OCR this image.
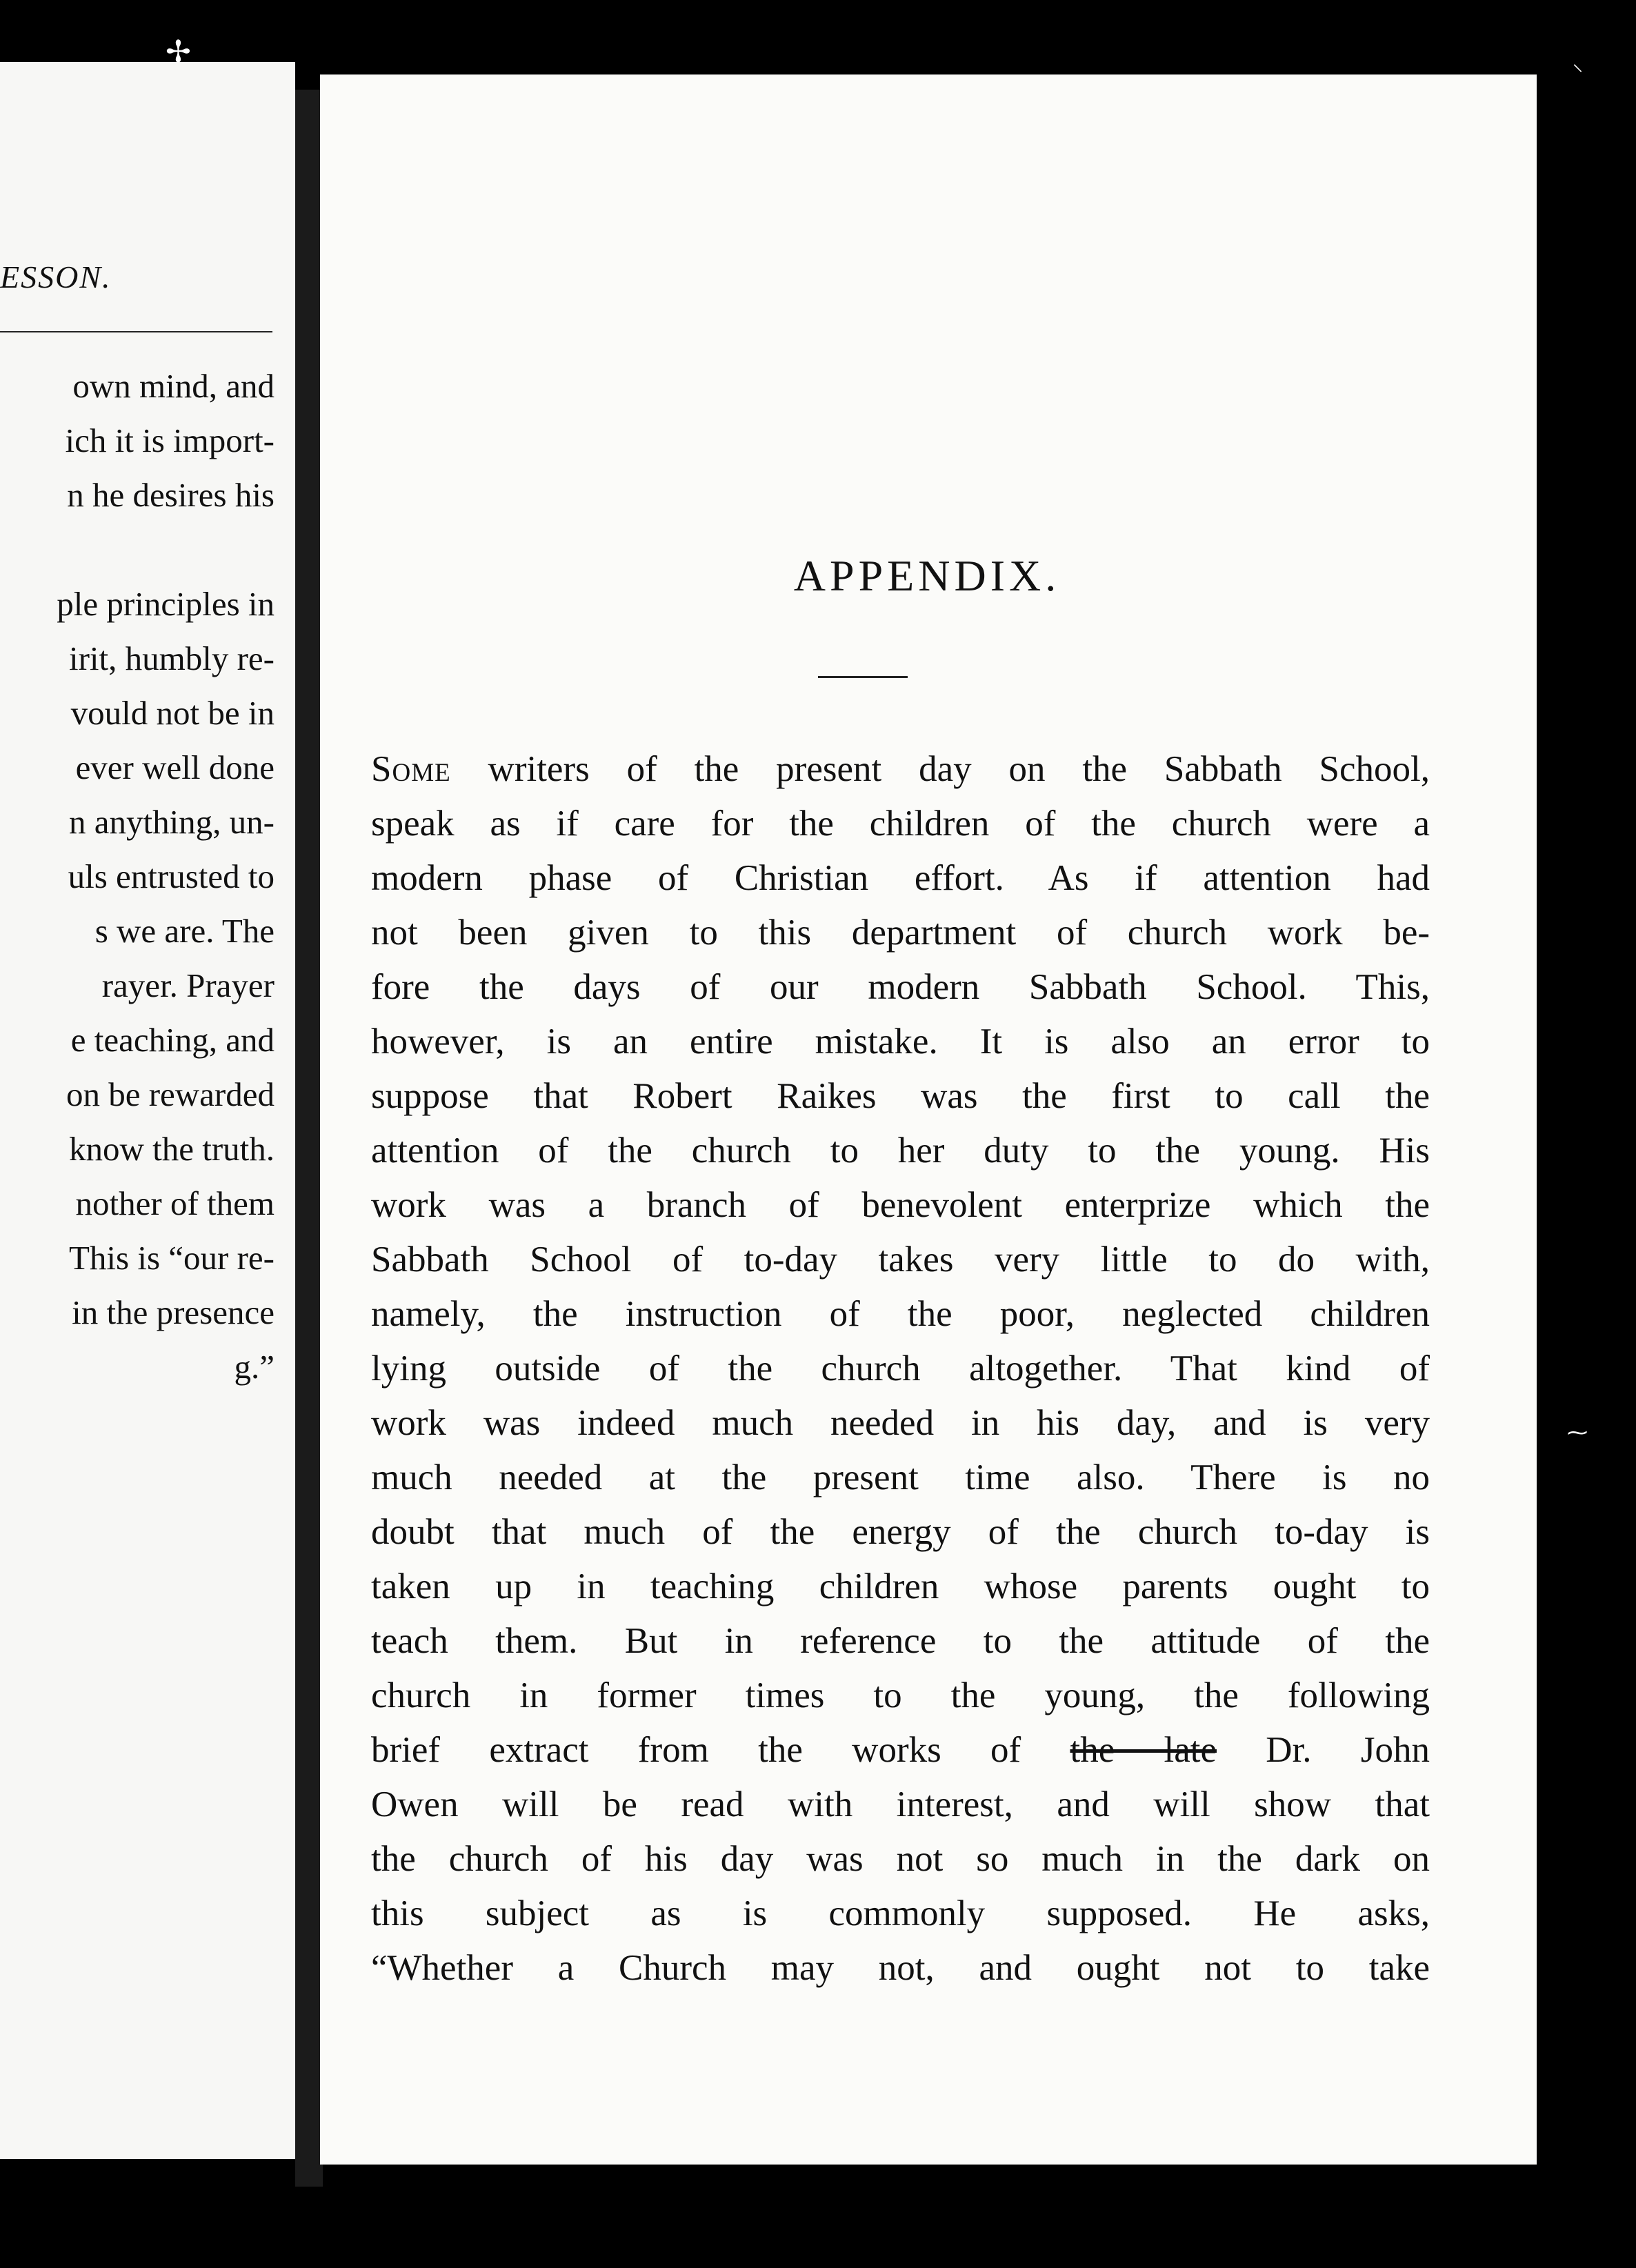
ESSON.
own mind, and
ich it is import-
n he desires his
ple principles in
irit, humbly re-
vould not be in
ever well done
n anything, un-
uls entrusted to
s we are. The
rayer. Prayer
e teaching, and
on be rewarded
know the truth.
nother of them
This is “our re-
in the presence
g.”
APPENDIX.
Some writers of the present day on the Sabbath School,
speak as if care for the children of the church were a
modern phase of Christian effort. As if attention had
not been given to this department of church work be-
fore the days of our modern Sabbath School. This,
however, is an entire mistake. It is also an error to
suppose that Robert Raikes was the first to call the
attention of the church to her duty to the young. His
work was a branch of benevolent enterprize which the
Sabbath School of to-day takes very little to do with,
namely, the instruction of the poor, neglected children
lying outside of the church altogether. That kind of
work was indeed much needed in his day, and is very
much needed at the present time also. There is no
doubt that much of the energy of the church to-day is
taken up in teaching children whose parents ought to
teach them. But in reference to the attitude of the
church in former times to the young, the following
brief extract from the works of the late Dr. John
Owen will be read with interest, and will show that
the church of his day was not so much in the dark on
this subject as is commonly supposed. He asks,
“Whether a Church may not, and ought not to take
✢	⸜
⁓
